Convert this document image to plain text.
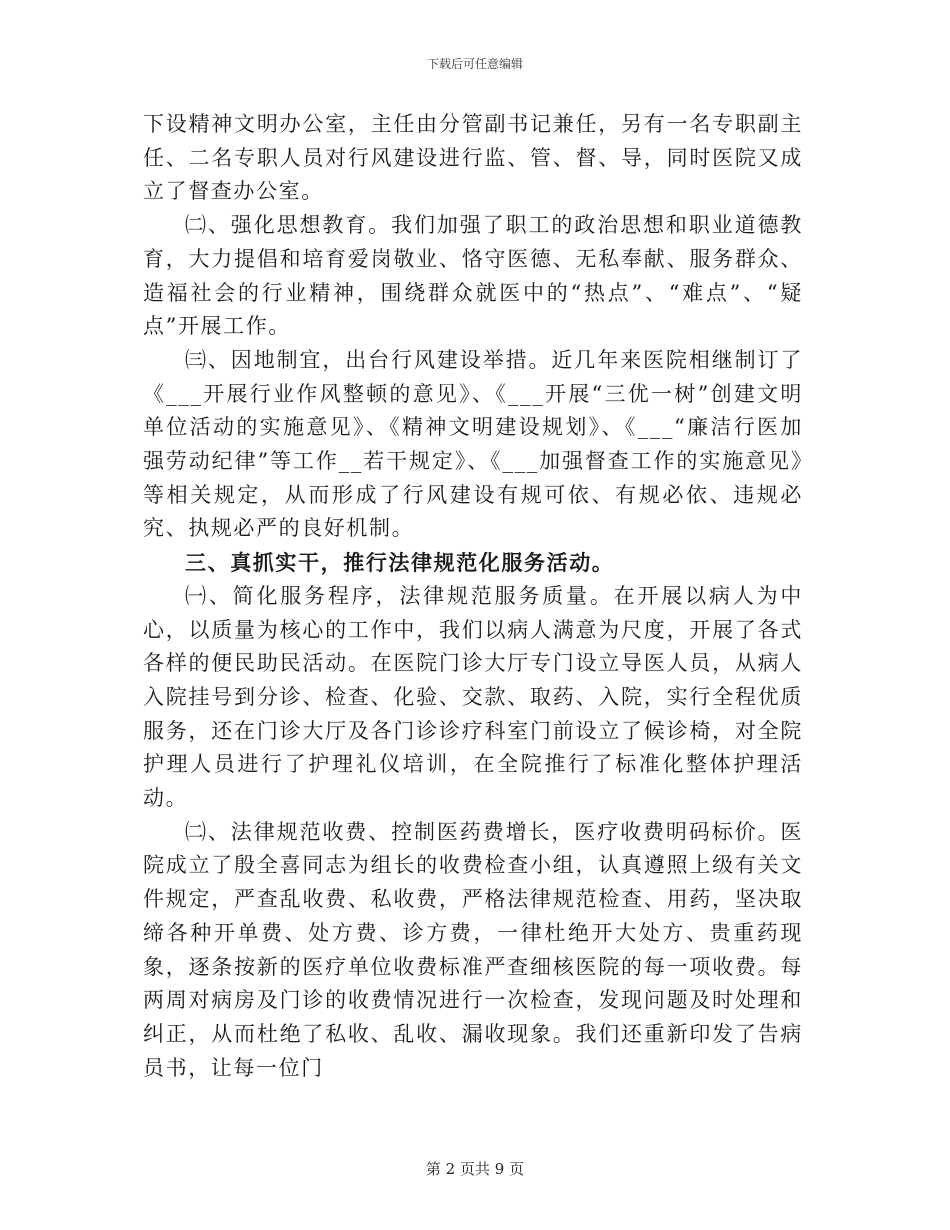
下载后可任意编辑

下设精神文明办公室，主任由分管副书记兼任，另有一名专职副主任、二名专职人员对行风建设进行监、管、督、导，同时医院又成立了督查办公室。

㈡、强化思想教育。我们加强了职工的政治思想和职业道德教育，大力提倡和培育爱岗敬业、恪守医德、无私奉献、服务群众、造福社会的行业精神，围绕群众就医中的“热点”、“难点”、“疑点”开展工作。

㈢、因地制宜，出台行风建设举措。近几年来医院相继制订了《___开展行业作风整顿的意见》、《___开展“三优一树”创建文明单位活动的实施意见》、《精神文明建设规划》、《___“廉洁行医加强劳动纪律”等工作__若干规定》、《___加强督查工作的实施意见》等相关规定，从而形成了行风建设有规可依、有规必依、违规必究、执规必严的良好机制。

三、真抓实干，推行法律规范化服务活动。

㈠、简化服务程序，法律规范服务质量。在开展以病人为中心，以质量为核心的工作中，我们以病人满意为尺度，开展了各式各样的便民助民活动。在医院门诊大厅专门设立导医人员，从病人入院挂号到分诊、检查、化验、交款、取药、入院，实行全程优质服务，还在门诊大厅及各门诊诊疗科室门前设立了候诊椅，对全院护理人员进行了护理礼仪培训，在全院推行了标准化整体护理活动。

㈡、法律规范收费、控制医药费增长，医疗收费明码标价。医院成立了殷全喜同志为组长的收费检查小组，认真遵照上级有关文件规定，严查乱收费、私收费，严格法律规范检查、用药，坚决取缔各种开单费、处方费、诊方费，一律杜绝开大处方、贵重药现象，逐条按新的医疗单位收费标准严查细核医院的每一项收费。每两周对病房及门诊的收费情况进行一次检查，发现问题及时处理和纠正，从而杜绝了私收、乱收、漏收现象。我们还重新印发了告病员书，让每一位门

第 2 页共 9 页
